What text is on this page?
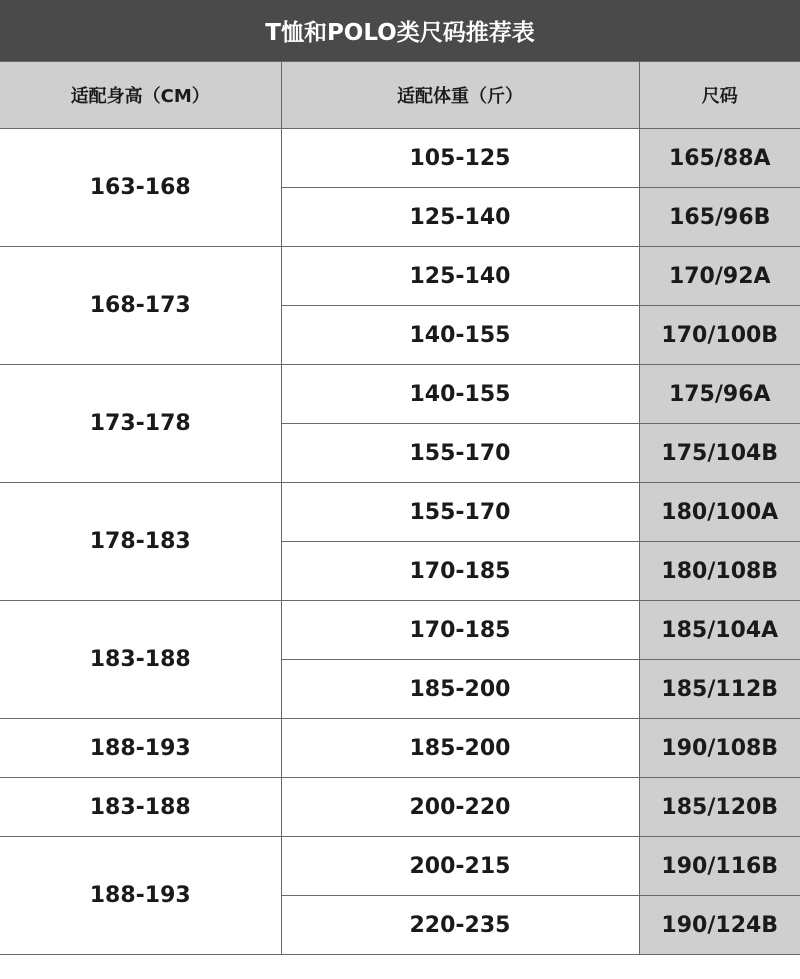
T恤和POLO类尺码推荐表
适配身高（CM）	适配体重（斤）	尺码
163-168	105-125	165/88A
	125-140	165/96B
168-173	125-140	170/92A
	140-155	170/100B
173-178	140-155	175/96A
	155-170	175/104B
178-183	155-170	180/100A
	170-185	180/108B
183-188	170-185	185/104A
	185-200	185/112B
188-193	185-200	190/108B
183-188	200-220	185/120B
188-193	200-215	190/116B
	220-235	190/124B
